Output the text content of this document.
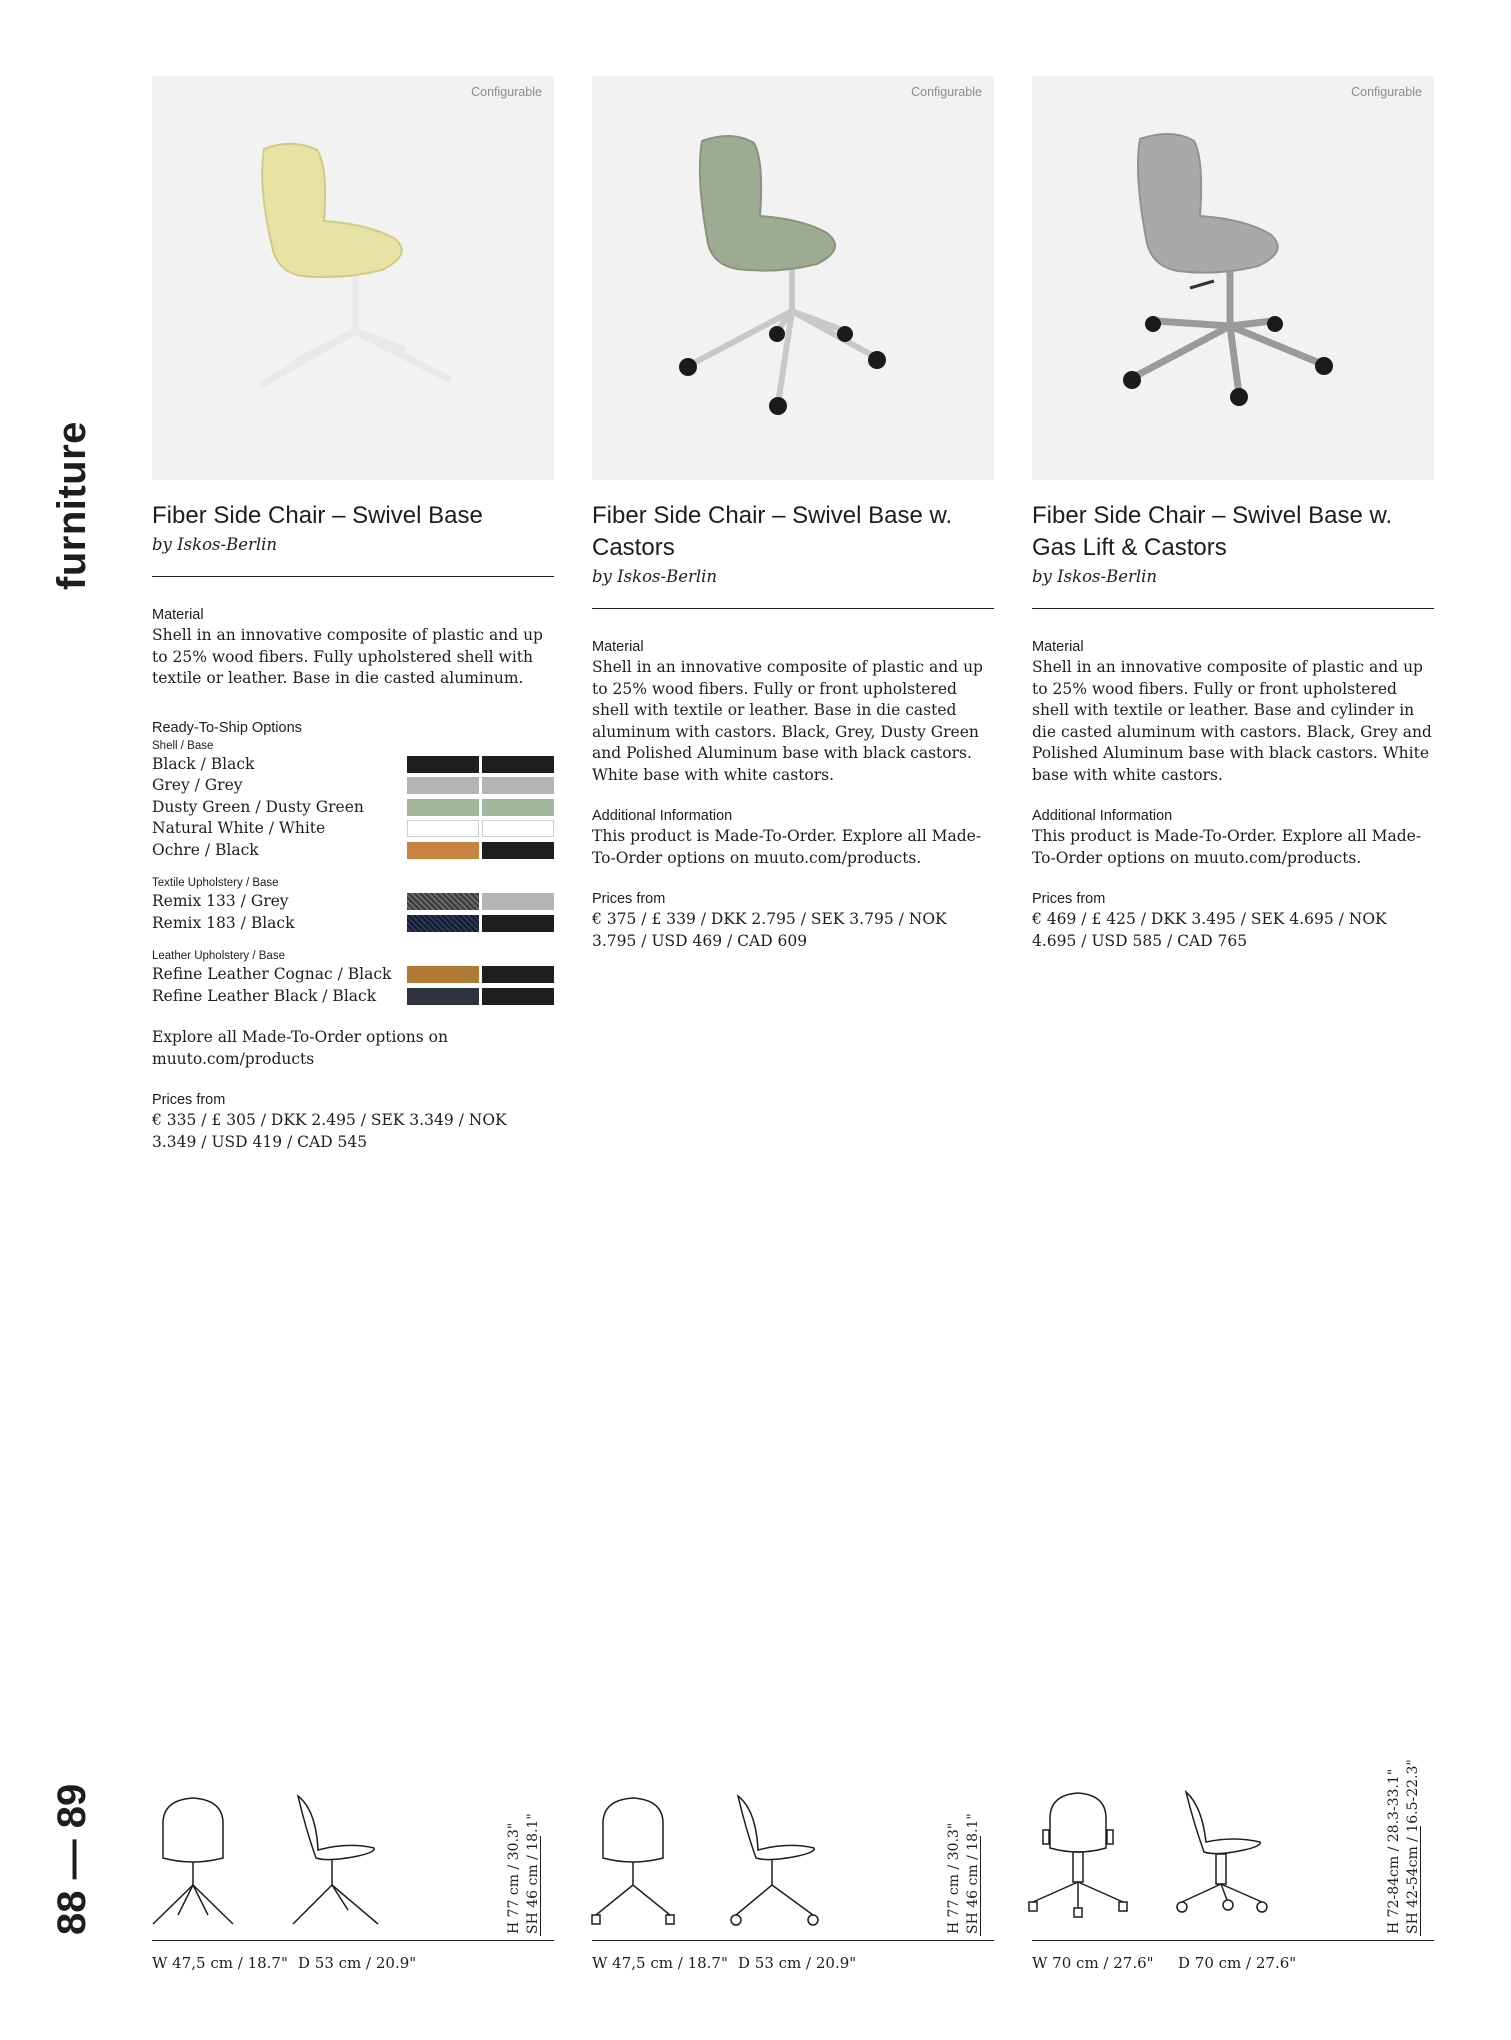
furniture
88 — 89
Configurable
Fiber Side Chair – Swivel Base
by Iskos-Berlin
Material
Shell in an innovative composite of plastic and up to 25% wood fibers. Fully upholstered shell with textile or leather. Base in die casted aluminum.
Ready-To-Ship Options
Shell / Base
Black / Black
Grey / Grey
Dusty Green / Dusty Green
Natural White / White
Ochre / Black
Textile Upholstery / Base
Remix 133 / Grey
Remix 183 / Black
Leather Upholstery / Base
Refine Leather Cognac / Black
Refine Leather Black / Black
Explore all Made-To-Order options on muuto.com/products
Prices from
€ 335 / £ 305 / DKK 2.495 / SEK 3.349 / NOK 3.349 / USD 419 / CAD 545
Configurable
Fiber Side Chair – Swivel Base w. Castors
by Iskos-Berlin
Material
Shell in an innovative composite of plastic and up to 25% wood fibers. Fully or front upholstered shell with textile or leather. Base in die casted aluminum with castors. Black, Grey, Dusty Green and Polished Aluminum base with black castors. White base with white castors.
Additional Information
This product is Made-To-Order. Explore all Made-To-Order options on muuto.com/products.
Prices from
€ 375 / £ 339 / DKK 2.795 / SEK 3.795 / NOK 3.795 / USD 469 / CAD 609
Configurable
Fiber Side Chair – Swivel Base w. Gas Lift & Castors
by Iskos-Berlin
Material
Shell in an innovative composite of plastic and up to 25% wood fibers. Fully or front upholstered shell with textile or leather. Base and cylinder in die casted aluminum with castors. Black, Grey and Polished Aluminum base with black castors. White base with white castors.
Additional Information
This product is Made-To-Order. Explore all Made-To-Order options on muuto.com/products.
Prices from
€ 469 / £ 425 / DKK 3.495 / SEK 4.695 / NOK 4.695 / USD 585 / CAD 765
H 77 cm / 30.3" SH 46 cm / 18.1"	H 77 cm / 30.3" SH 46 cm / 18.1"	H 72-84cm / 28.3-33.1" SH 42-54cm / 16.5-22.3"
W 47,5 cm / 18.7" D 53 cm / 20.9"	W 47,5 cm / 18.7" D 53 cm / 20.9"	W 70 cm / 27.6" D 70 cm / 27.6"
